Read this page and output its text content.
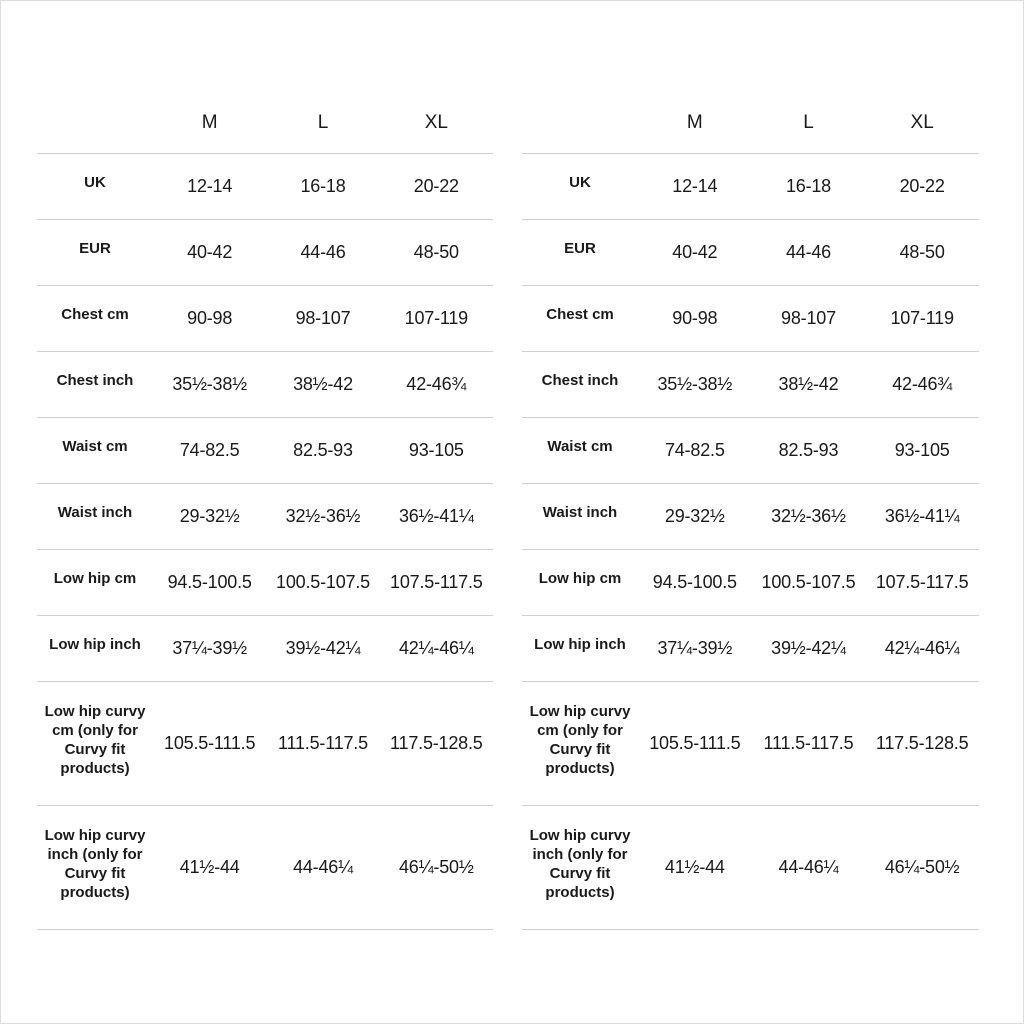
	M	L	XL

UK	12-14	16-18	20-22

EUR	40-42	44-46	48-50

Chest cm	90-98	98-107	107-119

Chest inch	35½-38½	38½-42	42-46¾

Waist cm	74-82.5	82.5-93	93-105

Waist inch	29-32½	32½-36½	36½-41¼

Low hip cm	94.5-100.5	100.5-107.5	107.5-117.5

Low hip inch	37¼-39½	39½-42¼	42¼-46¼

Low hip curvy
cm (only for
Curvy fit
products)	105.5-111.5	111.5-117.5	117.5-128.5

Low hip curvy
inch (only for
Curvy fit
products)	41½-44	44-46¼	46¼-50½
	M	L	XL

UK	12-14	16-18	20-22

EUR	40-42	44-46	48-50

Chest cm	90-98	98-107	107-119

Chest inch	35½-38½	38½-42	42-46¾

Waist cm	74-82.5	82.5-93	93-105

Waist inch	29-32½	32½-36½	36½-41¼

Low hip cm	94.5-100.5	100.5-107.5	107.5-117.5

Low hip inch	37¼-39½	39½-42¼	42¼-46¼

Low hip curvy
cm (only for
Curvy fit
products)	105.5-111.5	111.5-117.5	117.5-128.5

Low hip curvy
inch (only for
Curvy fit
products)	41½-44	44-46¼	46¼-50½
